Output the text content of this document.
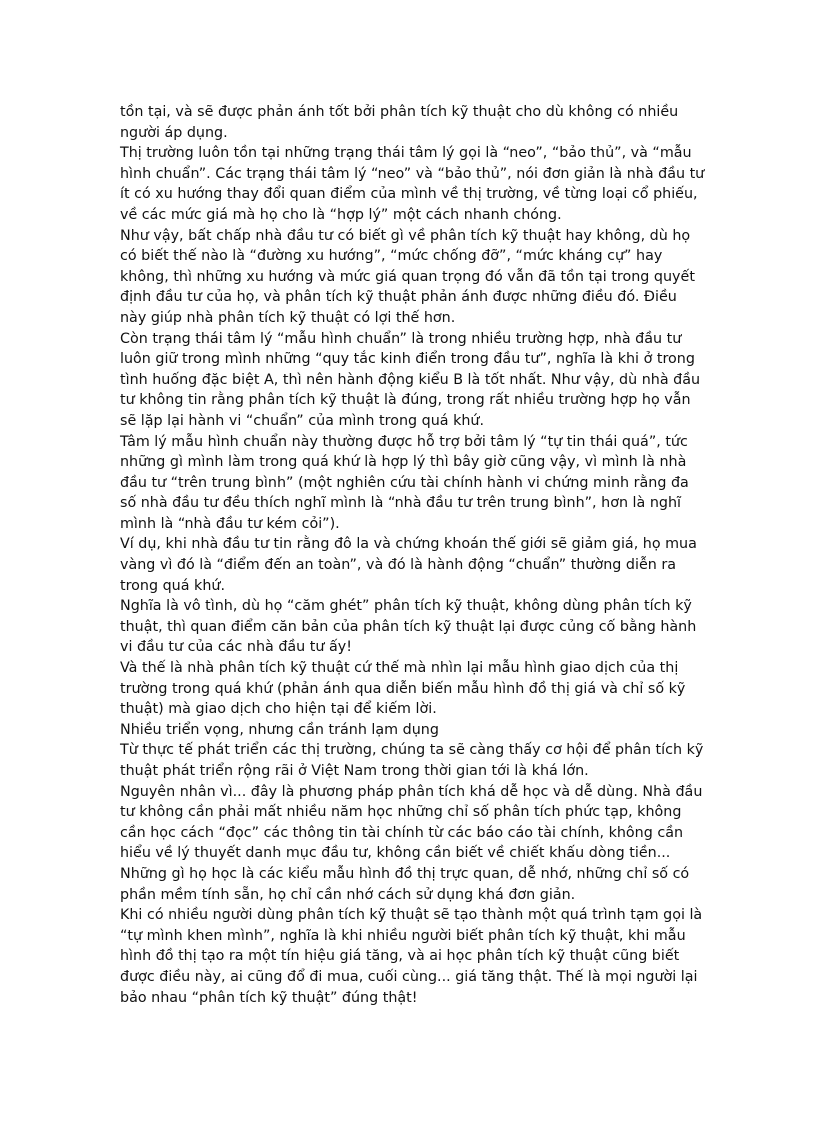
tồn tại, và sẽ được phản ánh tốt bởi phân tích kỹ thuật cho dù không có nhiều người áp dụng.

Thị trường luôn tồn tại những trạng thái tâm lý gọi là “neo”, “bảo thủ”, và “mẫu hình chuẩn”. Các trạng thái tâm lý “neo” và “bảo thủ”, nói đơn giản là nhà đầu tư ít có xu hướng thay đổi quan điểm của mình về thị trường, về từng loại cổ phiếu, về các mức giá mà họ cho là “hợp lý” một cách nhanh chóng.

Như vậy, bất chấp nhà đầu tư có biết gì về phân tích kỹ thuật hay không, dù họ có biết thế nào là “đường xu hướng”, “mức chống đỡ”, “mức kháng cự” hay không, thì những xu hướng và mức giá quan trọng đó vẫn đã tồn tại trong quyết định đầu tư của họ, và phân tích kỹ thuật phản ánh được những điều đó. Điều này giúp nhà phân tích kỹ thuật có lợi thế hơn.

Còn trạng thái tâm lý “mẫu hình chuẩn” là trong nhiều trường hợp, nhà đầu tư luôn giữ trong mình những “quy tắc kinh điển trong đầu tư”, nghĩa là khi ở trong tình huống đặc biệt A, thì nên hành động kiểu B là tốt nhất. Như vậy, dù nhà đầu tư không tin rằng phân tích kỹ thuật là đúng, trong rất nhiều trường hợp họ vẫn sẽ lặp lại hành vi “chuẩn” của mình trong quá khứ.

Tâm lý mẫu hình chuẩn này thường được hỗ trợ bởi tâm lý “tự tin thái quá”, tức những gì mình làm trong quá khứ là hợp lý thì bây giờ cũng vậy, vì mình là nhà đầu tư “trên trung bình” (một nghiên cứu tài chính hành vi chứng minh rằng đa số nhà đầu tư đều thích nghĩ mình là “nhà đầu tư trên trung bình”, hơn là nghĩ mình là “nhà đầu tư kém cỏi”).

Ví dụ, khi nhà đầu tư tin rằng đô la và chứng khoán thế giới sẽ giảm giá, họ mua vàng vì đó là “điểm đến an toàn”, và đó là hành động “chuẩn” thường diễn ra trong quá khứ.

Nghĩa là vô tình, dù họ “căm ghét” phân tích kỹ thuật, không dùng phân tích kỹ thuật, thì quan điểm căn bản của phân tích kỹ thuật lại được củng cố bằng hành vi đầu tư của các nhà đầu tư ấy!

Và thế là nhà phân tích kỹ thuật cứ thế mà nhìn lại mẫu hình giao dịch của thị trường trong quá khứ (phản ánh qua diễn biến mẫu hình đồ thị giá và chỉ số kỹ thuật) mà giao dịch cho hiện tại để kiếm lời.

Nhiều triển vọng, nhưng cần tránh lạm dụng

Từ thực tế phát triển các thị trường, chúng ta sẽ càng thấy cơ hội để phân tích kỹ thuật phát triển rộng rãi ở Việt Nam trong thời gian tới là khá lớn.

Nguyên nhân vì... đây là phương pháp phân tích khá dễ học và dễ dùng. Nhà đầu tư không cần phải mất nhiều năm học những chỉ số phân tích phức tạp, không cần học cách “đọc” các thông tin tài chính từ các báo cáo tài chính, không cần hiểu về lý thuyết danh mục đầu tư, không cần biết về chiết khấu dòng tiền... Những gì họ học là các kiểu mẫu hình đồ thị trực quan, dễ nhớ, những chỉ số có phần mềm tính sẵn, họ chỉ cần nhớ cách sử dụng khá đơn giản.

Khi có nhiều người dùng phân tích kỹ thuật sẽ tạo thành một quá trình tạm gọi là “tự mình khen mình”, nghĩa là khi nhiều người biết phân tích kỹ thuật, khi mẫu hình đồ thị tạo ra một tín hiệu giá tăng, và ai học phân tích kỹ thuật cũng biết được điều này, ai cũng đổ đi mua, cuối cùng... giá tăng thật. Thế là mọi người lại bảo nhau “phân tích kỹ thuật” đúng thật!
